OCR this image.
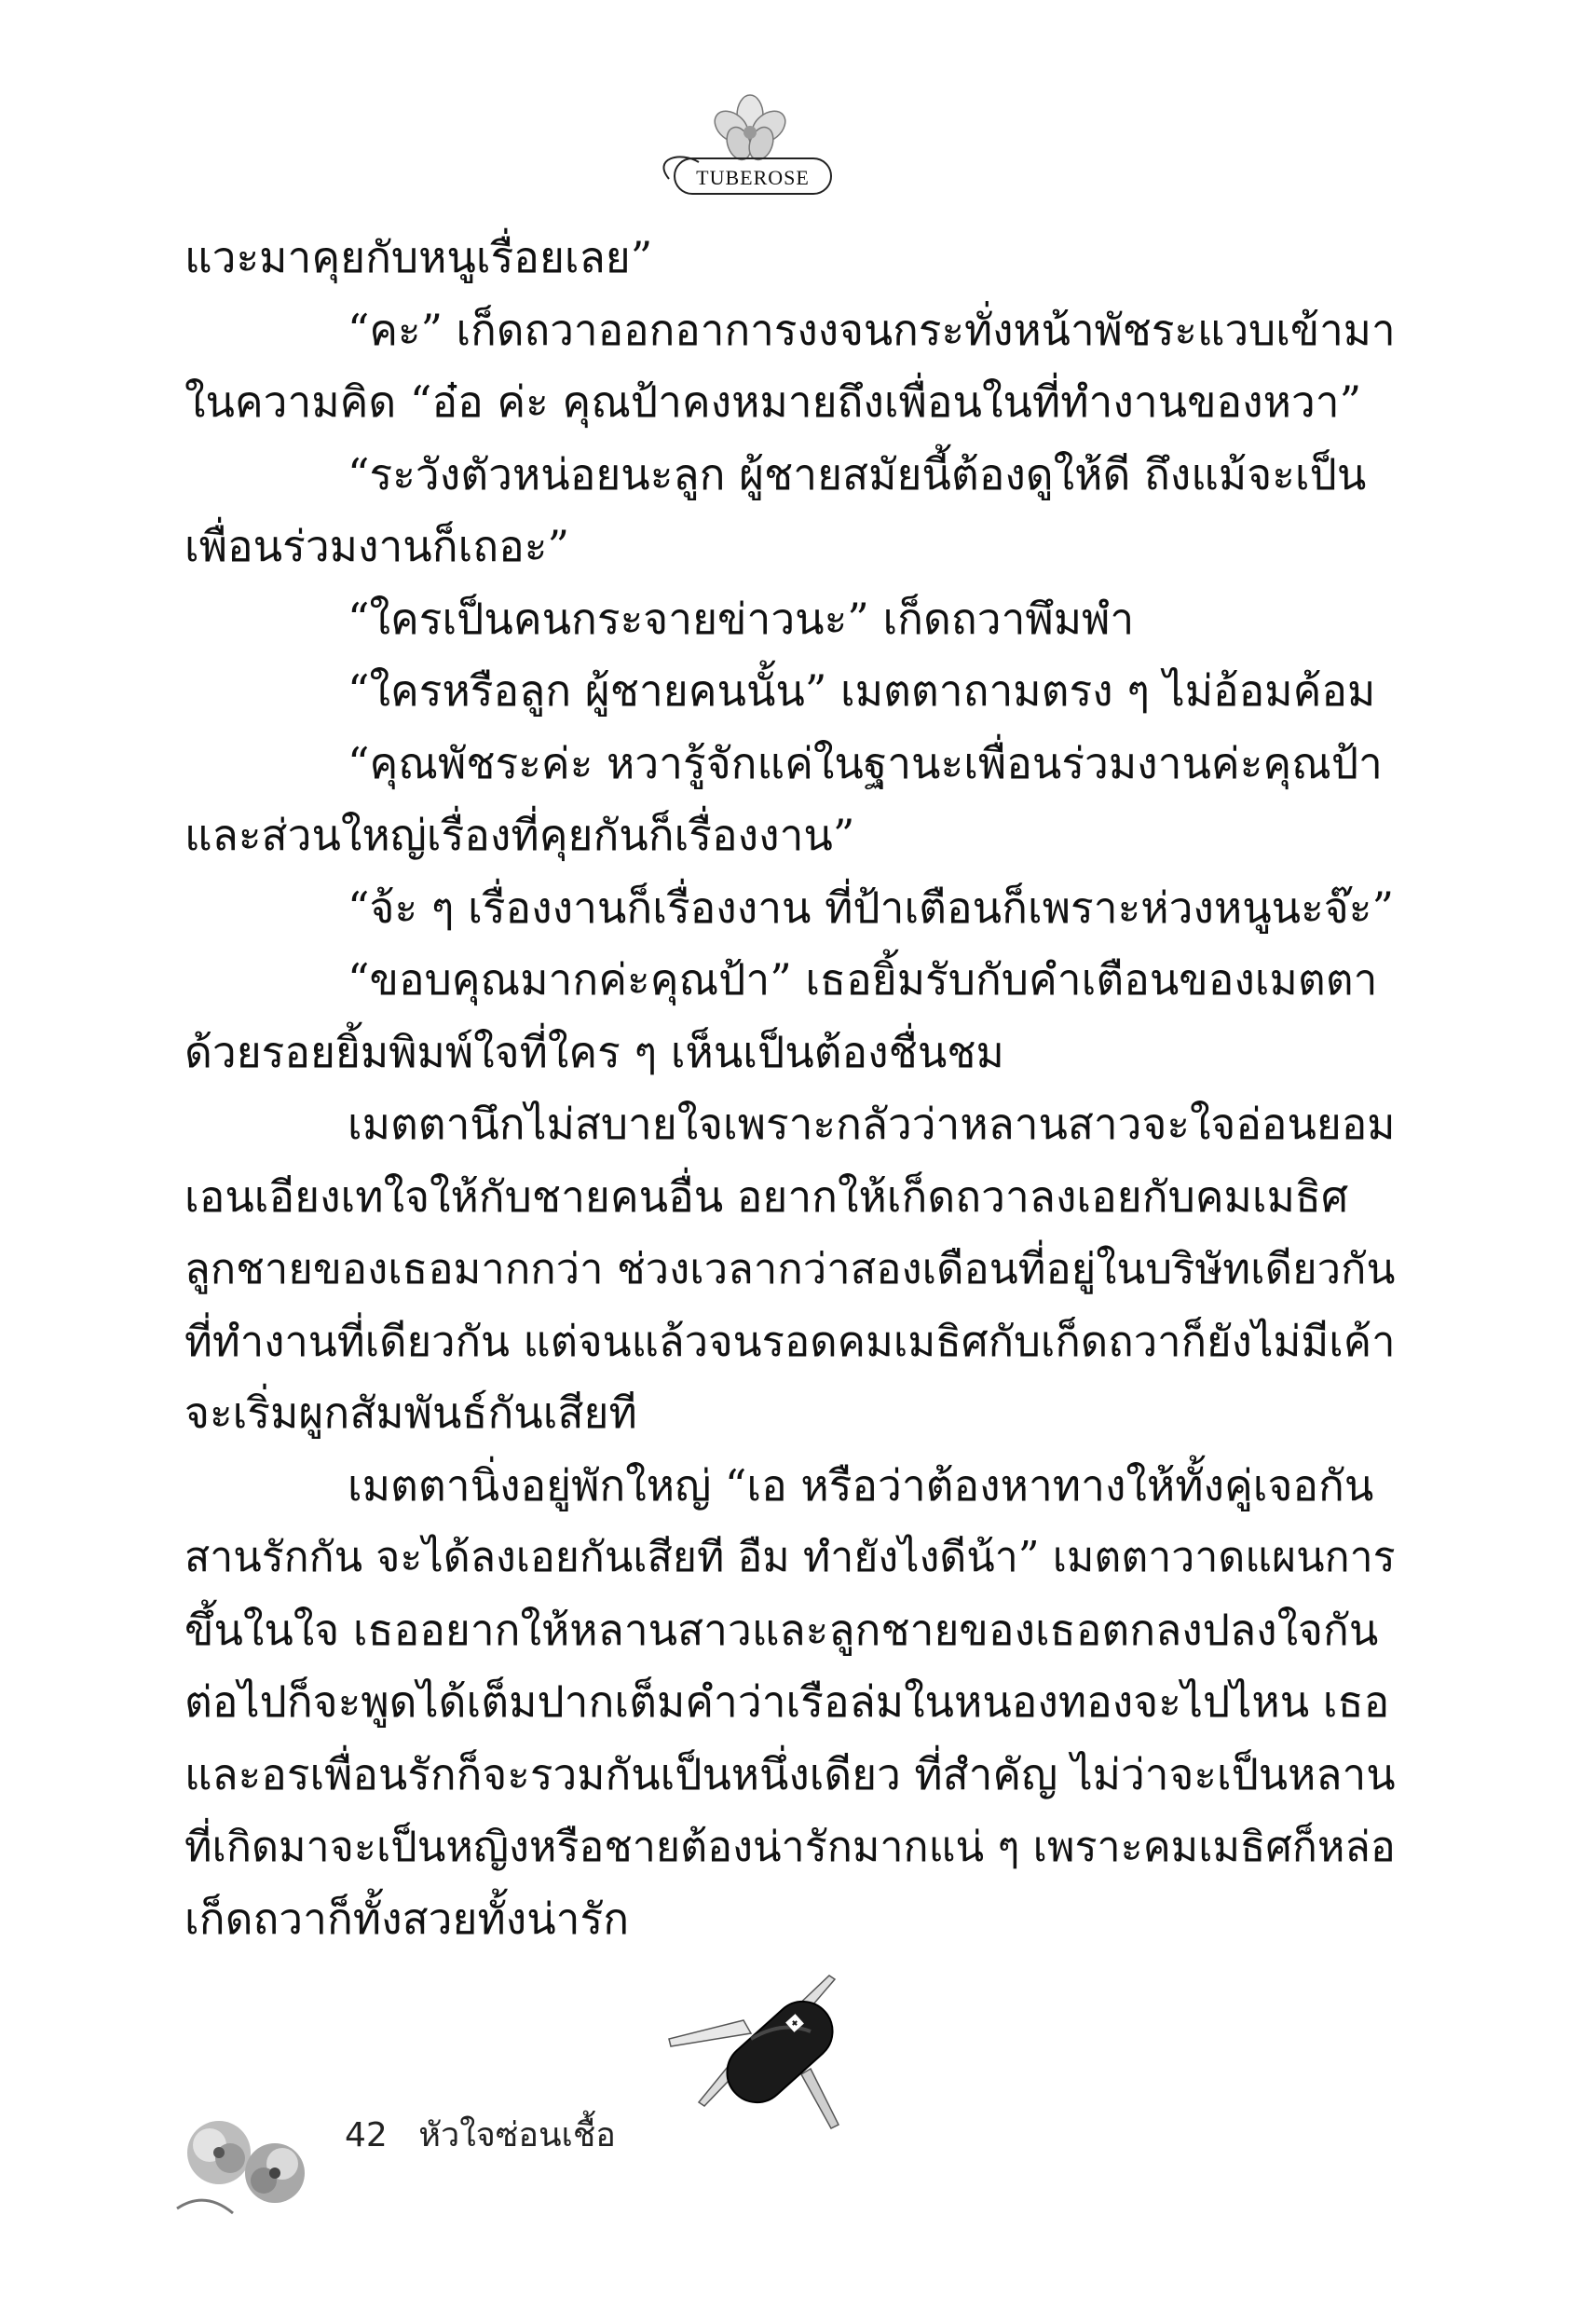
TUBEROSE
แวะมาคุยกับหนูเรื่อยเลย”
“คะ” เก็ดถวาออกอาการงงจนกระทั่งหน้าพัชระแวบเข้ามา
ในความคิด “อ๋อ ค่ะ คุณป้าคงหมายถึงเพื่อนในที่ทำงานของหวา”
“ระวังตัวหน่อยนะลูก ผู้ชายสมัยนี้ต้องดูให้ดี ถึงแม้จะเป็น
เพื่อนร่วมงานก็เถอะ”
“ใครเป็นคนกระจายข่าวนะ” เก็ดถวาพึมพำ
“ใครหรือลูก ผู้ชายคนนั้น” เมตตาถามตรง ๆ ไม่อ้อมค้อม
“คุณพัชระค่ะ หวารู้จักแค่ในฐานะเพื่อนร่วมงานค่ะคุณป้า
และส่วนใหญ่เรื่องที่คุยกันก็เรื่องงาน”
“จ้ะ ๆ เรื่องงานก็เรื่องงาน ที่ป้าเตือนก็เพราะห่วงหนูนะจ๊ะ”
“ขอบคุณมากค่ะคุณป้า” เธอยิ้มรับกับคำเตือนของเมตตา
ด้วยรอยยิ้มพิมพ์ใจที่ใคร ๆ เห็นเป็นต้องชื่นชม
เมตตานึกไม่สบายใจเพราะกลัวว่าหลานสาวจะใจอ่อนยอม
เอนเอียงเทใจให้กับชายคนอื่น อยากให้เก็ดถวาลงเอยกับคมเมธิศ
ลูกชายของเธอมากกว่า ช่วงเวลากว่าสองเดือนที่อยู่ในบริษัทเดียวกัน
ที่ทำงานที่เดียวกัน แต่จนแล้วจนรอดคมเมธิศกับเก็ดถวาก็ยังไม่มีเค้า
จะเริ่มผูกสัมพันธ์กันเสียที
เมตตานิ่งอยู่พักใหญ่ “เอ หรือว่าต้องหาทางให้ทั้งคู่เจอกัน
สานรักกัน จะได้ลงเอยกันเสียที อืม ทำยังไงดีน้า” เมตตาวาดแผนการ
ขึ้นในใจ เธออยากให้หลานสาวและลูกชายของเธอตกลงปลงใจกัน
ต่อไปก็จะพูดได้เต็มปากเต็มคำว่าเรือล่มในหนองทองจะไปไหน เธอ
และอรเพื่อนรักก็จะรวมกันเป็นหนึ่งเดียว ที่สำคัญ ไม่ว่าจะเป็นหลาน
ที่เกิดมาจะเป็นหญิงหรือชายต้องน่ารักมากแน่ ๆ เพราะคมเมธิศก็หล่อ
เก็ดถวาก็ทั้งสวยทั้งน่ารัก
42 หัวใจซ่อนเชื้อ
